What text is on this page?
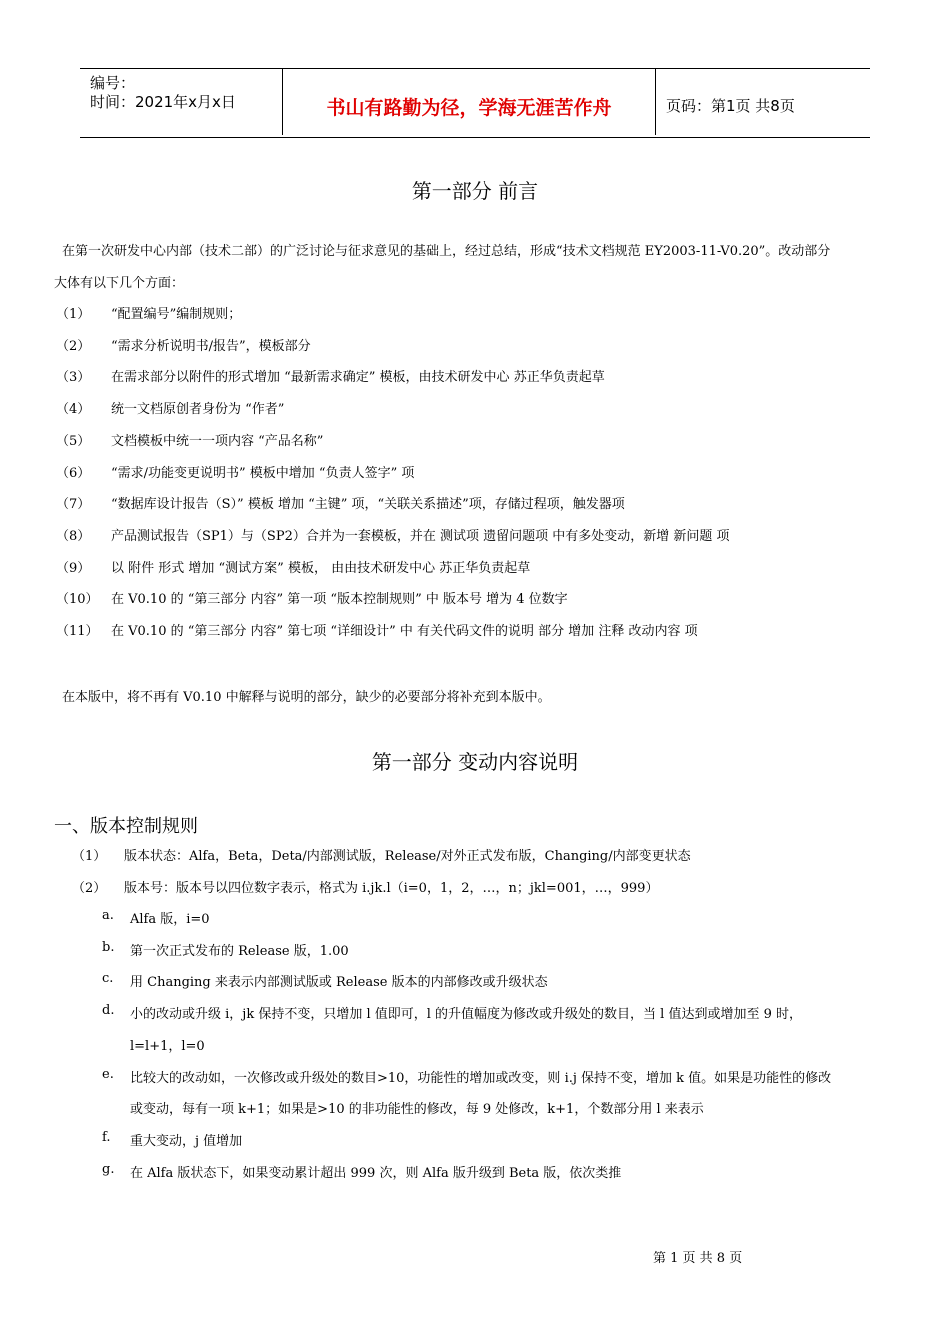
编号：
时间：2021年x月x日	书山有路勤为径，学海无涯苦作舟	页码：第1页 共8页
第一部分 前言
在第一次研发中心内部（技术二部）的广泛讨论与征求意见的基础上，经过总结，形成“技术文档规范 EY2003-11-V0.20”。改动部分
大体有以下几个方面：
（1） “配置编号”编制规则；
（2） “需求分析说明书/报告”，模板部分
（3） 在需求部分以附件的形式增加 “最新需求确定” 模板，由技术研发中心 苏正华负责起草
（4） 统一文档原创者身份为 “作者”
（5） 文档模板中统一一项内容 “产品名称”
（6） “需求/功能变更说明书” 模板中增加 “负责人签字” 项
（7） “数据库设计报告（S）” 模板 增加 “主键” 项，“关联关系描述”项，存储过程项，触发器项
（8） 产品测试报告（SP1）与（SP2）合并为一套模板，并在 测试项 遗留问题项 中有多处变动，新增 新问题 项
（9） 以 附件 形式 增加 “测试方案” 模板， 由由技术研发中心 苏正华负责起草
（10） 在 V0.10 的 “第三部分 内容” 第一项 “版本控制规则” 中 版本号 增为 4 位数字
（11） 在 V0.10 的 “第三部分 内容” 第七项 “详细设计” 中 有关代码文件的说明 部分 增加 注释 改动内容 项
在本版中，将不再有 V0.10 中解释与说明的部分，缺少的必要部分将补充到本版中。
第一部分 变动内容说明
一、版本控制规则
（1） 版本状态：Alfa，Beta，Deta/内部测试版，Release/对外正式发布版，Changing/内部变更状态
（2） 版本号：版本号以四位数字表示，格式为 i.jk.l（i=0，1，2，…，n；jkl=001，…，999）
a. Alfa 版，i=0
b. 第一次正式发布的 Release 版，1.00
c. 用 Changing 来表示内部测试版或 Release 版本的内部修改或升级状态
d. 小的改动或升级 i，jk 保持不变，只增加 l 值即可，l 的升值幅度为修改或升级处的数目，当 l 值达到或增加至 9 时，
l=l+1，l=0
e. 比较大的改动如，一次修改或升级处的数目>10，功能性的增加或改变，则 i.j 保持不变，增加 k 值。如果是功能性的修改
或变动，每有一项 k+1；如果是>10 的非功能性的修改，每 9 处修改，k+1，个数部分用 l 来表示
f. 重大变动，j 值增加
g. 在 Alfa 版状态下，如果变动累计超出 999 次，则 Alfa 版升级到 Beta 版，依次类推
第 1 页 共 8 页
